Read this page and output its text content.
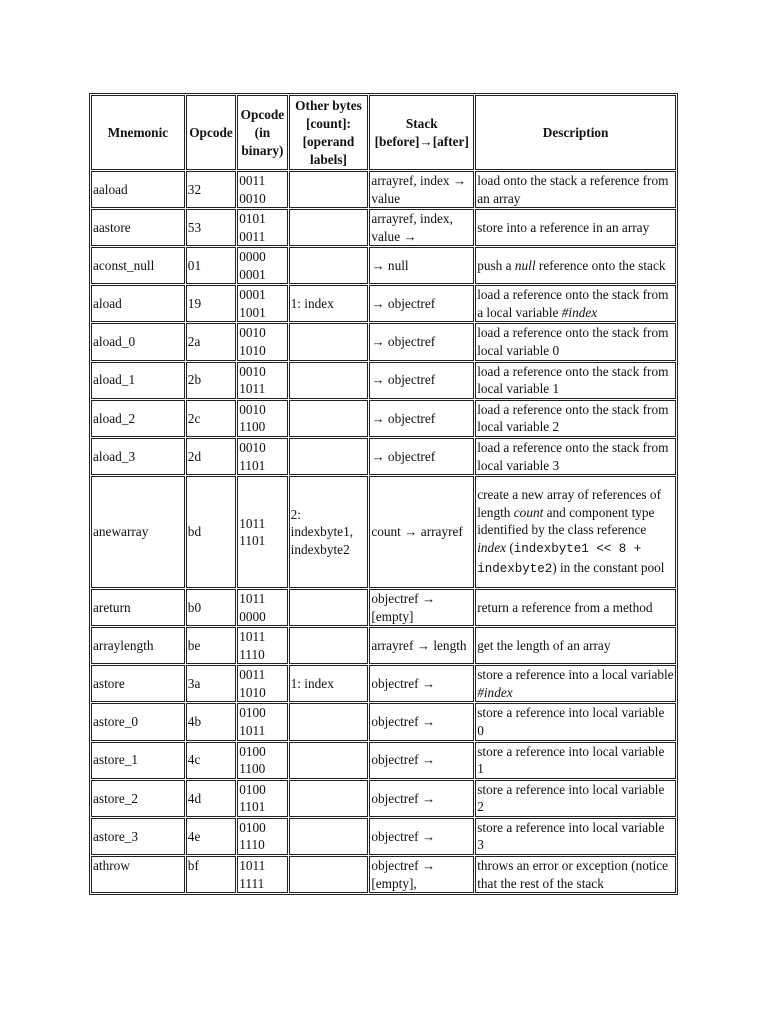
Mnemonic	Opcode	Opcode (in binary)	Other bytes [count]: [operand labels]	Stack [before]→[after]	Description
aaload	32	0011 0010		arrayref, index → value	load onto the stack a reference from an array
aastore	53	0101 0011		arrayref, index, value →	store into a reference in an array
aconst_null	01	0000 0001		→ null	push a null reference onto the stack
aload	19	0001 1001	1: index	→ objectref	load a reference onto the stack from a local variable #index
aload_0	2a	0010 1010		→ objectref	load a reference onto the stack from local variable 0
aload_1	2b	0010 1011		→ objectref	load a reference onto the stack from local variable 1
aload_2	2c	0010 1100		→ objectref	load a reference onto the stack from local variable 2
aload_3	2d	0010 1101		→ objectref	load a reference onto the stack from local variable 3
anewarray	bd	1011 1101	2: indexbyte1, indexbyte2	count → arrayref	create a new array of references of length count and component type identified by the class reference index (indexbyte1 << 8 + indexbyte2) in the constant pool
areturn	b0	1011 0000		objectref → [empty]	return a reference from a method
arraylength	be	1011 1110		arrayref → length	get the length of an array
astore	3a	0011 1010	1: index	objectref →	store a reference into a local variable #index
astore_0	4b	0100 1011		objectref →	store a reference into local variable 0
astore_1	4c	0100 1100		objectref →	store a reference into local variable 1
astore_2	4d	0100 1101		objectref →	store a reference into local variable 2
astore_3	4e	0100 1110		objectref →	store a reference into local variable 3
athrow	bf	1011 1111		objectref → [empty],	throws an error or exception (notice that the rest of the stack
